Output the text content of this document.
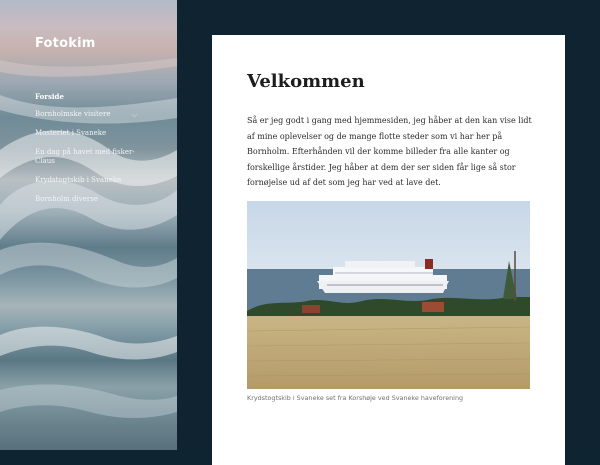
Fotokim
Forside
Bornholmske visitere	⌵
Mosteriet i Svaneke
En dag på havet med fisker-Claus
Krydstogtskib i Svaneke
Bornholm diverse
Velkommen

Så er jeg godt i gang med hjemmesiden, jeg håber at den kan vise lidt af mine oplevelser og de mange flotte steder som vi har her på Bornholm. Efterhånden vil der komme billeder fra alle kanter og forskellige årstider. Jeg håber at dem der ser siden får lige så stor fornøjelse ud af det som jeg har ved at lave det.

Krydstogtskib i Svaneke set fra Korshøje ved Svaneke haveforening
